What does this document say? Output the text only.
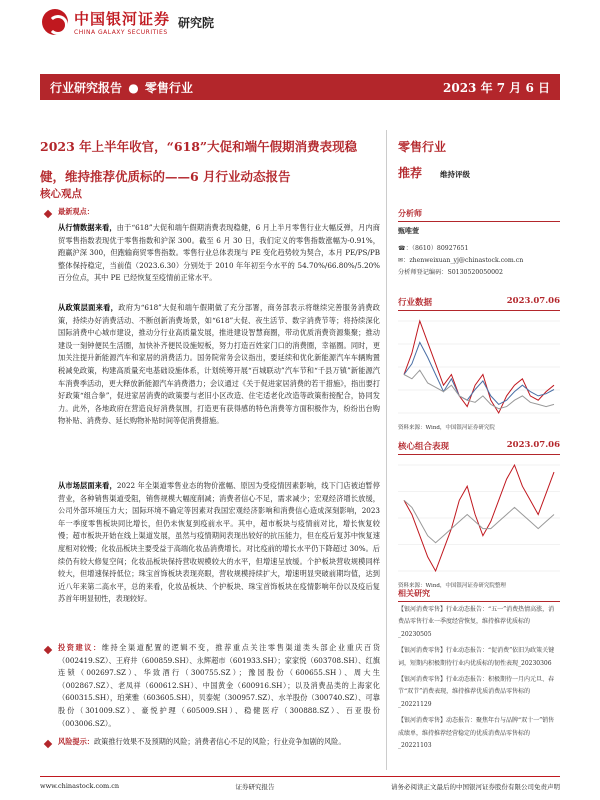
中国银河证券
CHINA GALAXY SECURITIES
研究院
行业研究报告 ● 零售行业	2023 年 7 月 6 日
2023 年上半年收官，“618”大促和端午假期消费表现稳健，维持推荐优质标的——6 月行业动态报告
核心观点
最新观点：
从行情数据来看，由于“618”大促和端午假期消费表现稳健，6 月上半月零售行业大幅反弹，月内商贸零售指数表现优于零售指数和沪深 300。截至 6 月 30 日，我们定义的零售指数涨幅为-0.91%，跑赢沪深 300，但跑输商贸零售指数。零售行业总体表现与 PE 变化趋势较为契合，本月 PE/PS/PB 整体保持稳定，当前值（2023.6.30）分别处于 2010 年年初至今水平的 54.70%/66.80%/5.20%百分位点，其中 PE 已经恢复至疫情前正常水平。
从政策层面来看，政府为“618”大促和端午假期做了充分部署，商务部表示将继续完善服务消费政策，持续办好消费活动、不断创新消费场景，如“618”大促、夜生活节、数字消费节等；将持续深化国际消费中心城市建设，推动分行业高质量发展，推进建设智慧商圈，带动优质消费资源集聚；推动建设一刻钟便民生活圈，加快补齐便民设施短板，努力打造百姓家门口的消费圈，幸福圈。同时，更加关注提升新能源汽车和家居的消费活力。国务院常务会议指出，要延续和优化新能源汽车车辆购置税减免政策，构建高质量充电基础设施体系，计划统筹开展“百城联动”汽车节和“千县万镇”新能源汽车消费季活动，更大释放新能源汽车消费潜力；会议通过《关于促进家居消费的若干措施》，指出要打好政策“组合拳”，促进家居消费的政策要与老旧小区改造、住宅适老化改造等政策衔接配合，协同发力。此外，各地政府在营造良好消费氛围，打造更有获得感的特色消费等方面积极作为，纷纷出台购物补贴、消费券、延长购物补贴时间等促消费措施。
从市场层面来看，2022 年全渠道零售业态的物价涨幅、原因为受疫情因素影响，线下门店被迫暂停营业，各种销售渠道受阻，销售规模大幅度削减；消费者信心不足，需求减少；宏观经济增长放缓，公司外部环境压力大；国际环境不确定等因素对我国宏观经济影响和消费信心造成深刻影响，2023 年一季度零售板块同比增长，但仍未恢复到疫前水平。其中，超市板块与疫情前对比，增长恢复较慢；超市板块开始在线上渠道发展，虽然与疫情期间表现出较好的抗压能力，但在疫后复苏中恢复速度相对较慢；化妆品板块主要受益于高端化妆品消费增长。对比疫前的增长水平仍下降超过 30%。后续仍有较大修复空间；化妆品板块保持营收规模较大的水平，但增速呈放缓。个护板块营收规模同样较大，但增速保持低位；珠宝首饰板块表现亮眼，营收规模持续扩大，增速明显突破前期均值，达到近八年来第二高水平，总的来看，化妆品板块、个护板块、珠宝首饰板块在疫情影响年份以及疫后复苏首年明显韧性，表现较好。
投资建议：维持全渠道配置的逻辑不变，推荐重点关注零售渠道类头部企业重庆百货（002419.SZ）、王府井（600859.SH）、永辉超市（601933.SH）；家家悦（603708.SH）、红旗连锁（002697.SZ）、华致酒行（300755.SZ）；豫园股份（600655.SH）、周大生（002867.SZ）、老凤祥（600612.SH）、中国黄金（600916.SH）；以及消费品类的上海家化（600315.SH），珀莱雅（603605.SH），贝泰妮（300957.SZ）、水羊股份（300740.SZ）、可靠股份（301009.SZ）、豪悦护理（605009.SH）、稳健医疗（300888.SZ）、百亚股份（003006.SZ）。
风险提示：政策推行效果不及预期的风险；消费者信心不足的风险；行业竞争加剧的风险。
零售行业
推荐 维持评级
分析师
甄唯萱
☎：（8610）80927651
✉：zhenweixuan_yj@chinastock.com.cn
分析师登记编码：S0130520050002
行业数据	2023.07.06
资料来源：Wind，中国银河证券研究院
核心组合表现	2023.07.06
资料来源：Wind，中国银河证券研究院整理
相关研究
【银河消费零售】行业动态报告：“五一”消费热情高涨，消费品零售行业一季度经营恢复，维持推荐优质标的_20230505
【银河消费零售】行业动态报告：“促消费”依旧为政策关键词，短期内积极期待行业内优质标的韧性表现_20230306
【银河消费零售】行业动态报告：积极期待一月内元旦、春节“双节”消费表现，维持推荐优质消费品零售标的_20221129
【银河消费零售】动态报告：聚焦年台与品牌“双十一”销售成绩单，维持推荐经营稳定的优质消费品零售标的_20221103
www.chinastock.com.cn	证券研究报告	请务必阅读正文最后的中国银河证券股份有限公司免责声明
